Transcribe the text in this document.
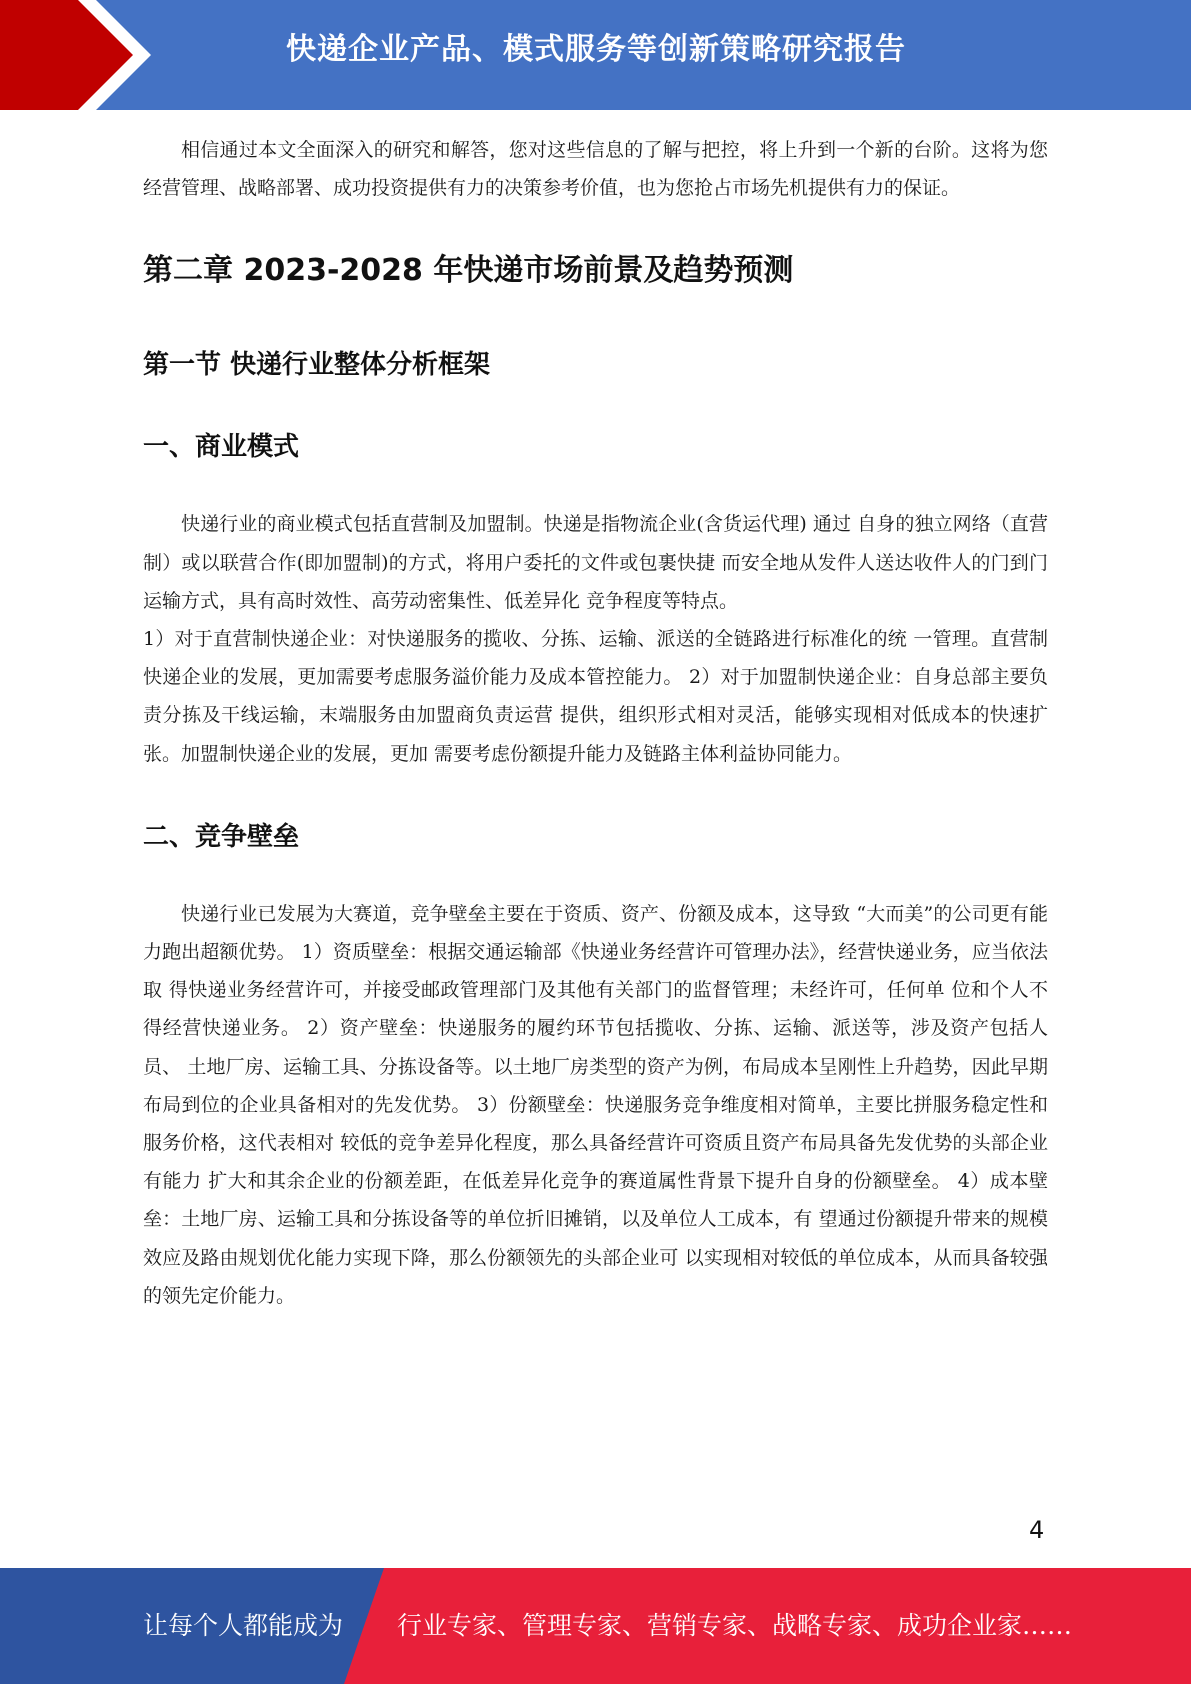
快递企业产品、模式服务等创新策略研究报告

相信通过本文全面深入的研究和解答，您对这些信息的了解与把控，将上升到一个新的台阶。这将为您经营管理、战略部署、成功投资提供有力的决策参考价值，也为您抢占市场先机提供有力的保证。

第二章 2023-2028 年快递市场前景及趋势预测
第一节 快递行业整体分析框架
一、商业模式

快递行业的商业模式包括直营制及加盟制。快递是指物流企业(含货运代理) 通过 自身的独立网络（直营制）或以联营合作(即加盟制)的方式，将用户委托的文件或包裹快捷 而安全地从发件人送达收件人的门到门运输方式，具有高时效性、高劳动密集性、低差异化 竞争程度等特点。

1）对于直营制快递企业：对快递服务的揽收、分拣、运输、派送的全链路进行标准化的统 一管理。直营制快递企业的发展，更加需要考虑服务溢价能力及成本管控能力。 2）对于加盟制快递企业：自身总部主要负责分拣及干线运输，末端服务由加盟商负责运营 提供，组织形式相对灵活，能够实现相对低成本的快速扩张。加盟制快递企业的发展，更加 需要考虑份额提升能力及链路主体利益协同能力。

二、竞争壁垒

快递行业已发展为大赛道，竞争壁垒主要在于资质、资产、份额及成本，这导致 “大而美”的公司更有能力跑出超额优势。 1）资质壁垒：根据交通运输部《快递业务经营许可管理办法》，经营快递业务，应当依法取 得快递业务经营许可，并接受邮政管理部门及其他有关部门的监督管理；未经许可，任何单 位和个人不得经营快递业务。 2）资产壁垒：快递服务的履约环节包括揽收、分拣、运输、派送等，涉及资产包括人员、 土地厂房、运输工具、分拣设备等。以土地厂房类型的资产为例，布局成本呈刚性上升趋势，因此早期布局到位的企业具备相对的先发优势。 3）份额壁垒：快递服务竞争维度相对简单，主要比拼服务稳定性和服务价格，这代表相对 较低的竞争差异化程度，那么具备经营许可资质且资产布局具备先发优势的头部企业有能力 扩大和其余企业的份额差距，在低差异化竞争的赛道属性背景下提升自身的份额壁垒。 4）成本壁垒：土地厂房、运输工具和分拣设备等的单位折旧摊销，以及单位人工成本，有 望通过份额提升带来的规模效应及路由规划优化能力实现下降，那么份额领先的头部企业可 以实现相对较低的单位成本，从而具备较强的领先定价能力。

4
让每个人都能成为 行业专家、管理专家、营销专家、战略专家、成功企业家……
